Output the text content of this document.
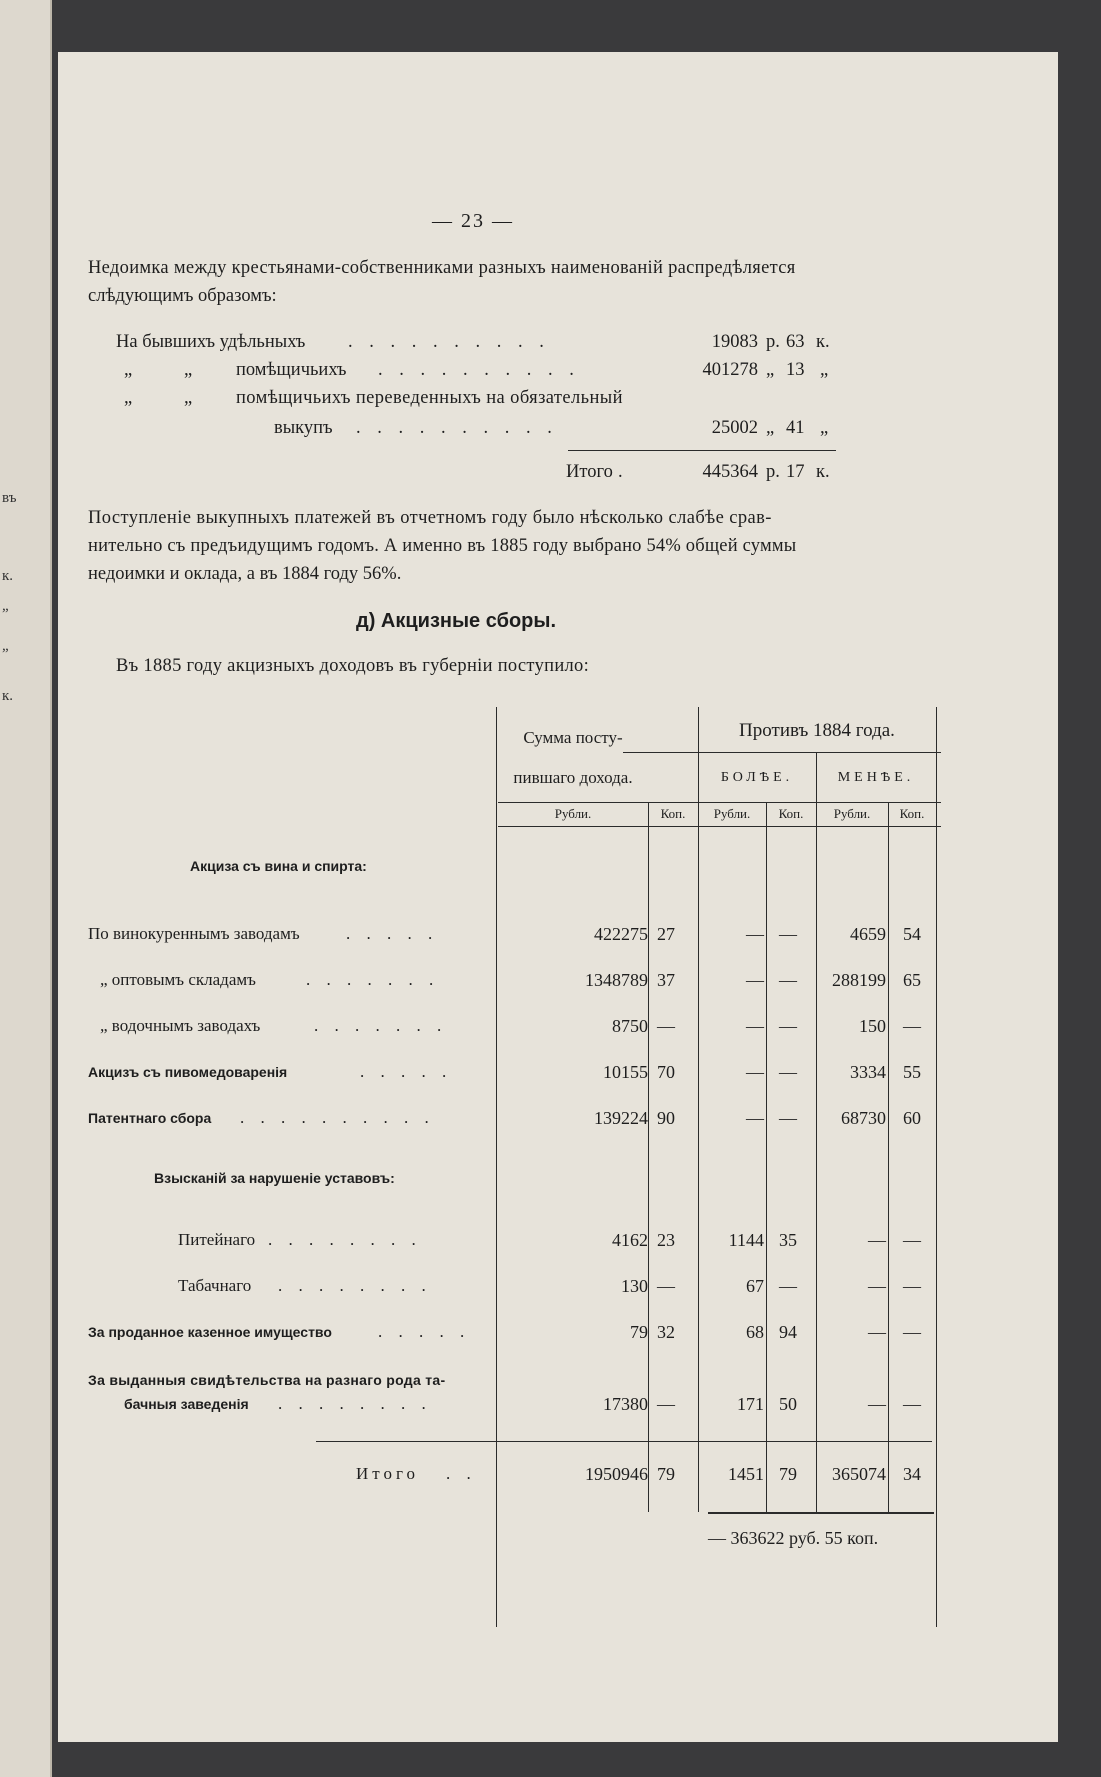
въ
к.
„
„
к.
— 23 —
Недоимка между крестьянами-собственниками разныхъ наименованій распредѣляется
слѣдующимъ образомъ:
На бывшихъ удѣльныхъ . . . . . . . . . .	19083 р. 63 к.
„	„ помѣщичьихъ . . . . . . . . . .	401278 „ 13 „
„	„ помѣщичьихъ переведенныхъ на обязательный
выкупъ . . . . . . . . . .	25002 „ 41 „
Итого .	445364 р. 17 к.
Поступленіе выкупныхъ платежей въ отчетномъ году было нѣсколько слабѣе срав-
нительно съ предъидущимъ годомъ. А именно въ 1885 году выбрано 54% общей суммы
недоимки и оклада, а въ 1884 году 56%.
д) Акцизные сборы.
Въ 1885 году акцизныхъ доходовъ въ губерніи поступило:
Сумма посту-
пившаго дохода.
Противъ 1884 года.
БОЛѢЕ.	МЕНѢЕ.
Рубли.	Коп.	Рубли.	Коп.	Рубли.	Коп.
Акциза съ вина и спирта:
Взысканій за нарушеніе уставовъ:
По винокуреннымъ заводамъ	. . . . .	422275 27	— —	4659 54
„ оптовымъ складамъ	. . . . . . .	1348789 37	— —	288199 65
„ водочнымъ заводахъ	. . . . . . .	8750 —	— —	150 —
Акцизъ съ пивомедоваренія	. . . . .	10155 70	— —	3334 55
Патентнаго сбора . . . . . . . . . .	139224 90	— —	68730 60
Питейнаго . . . . . . . .	4162 23	1144 35	— —
Табачнаго . . . . . . . .	130 —	67 —	— —
За проданное казенное имущество	. . . . .	79 32	68 94	— —
За выданныя свидѣтельства на разнаго рода та-
бачныя заведенія . . . . . . . .	17380 —	171 50	— —
Итого . .	1950946 79	1451 79	365074 34
— 363622 руб. 55 коп.
